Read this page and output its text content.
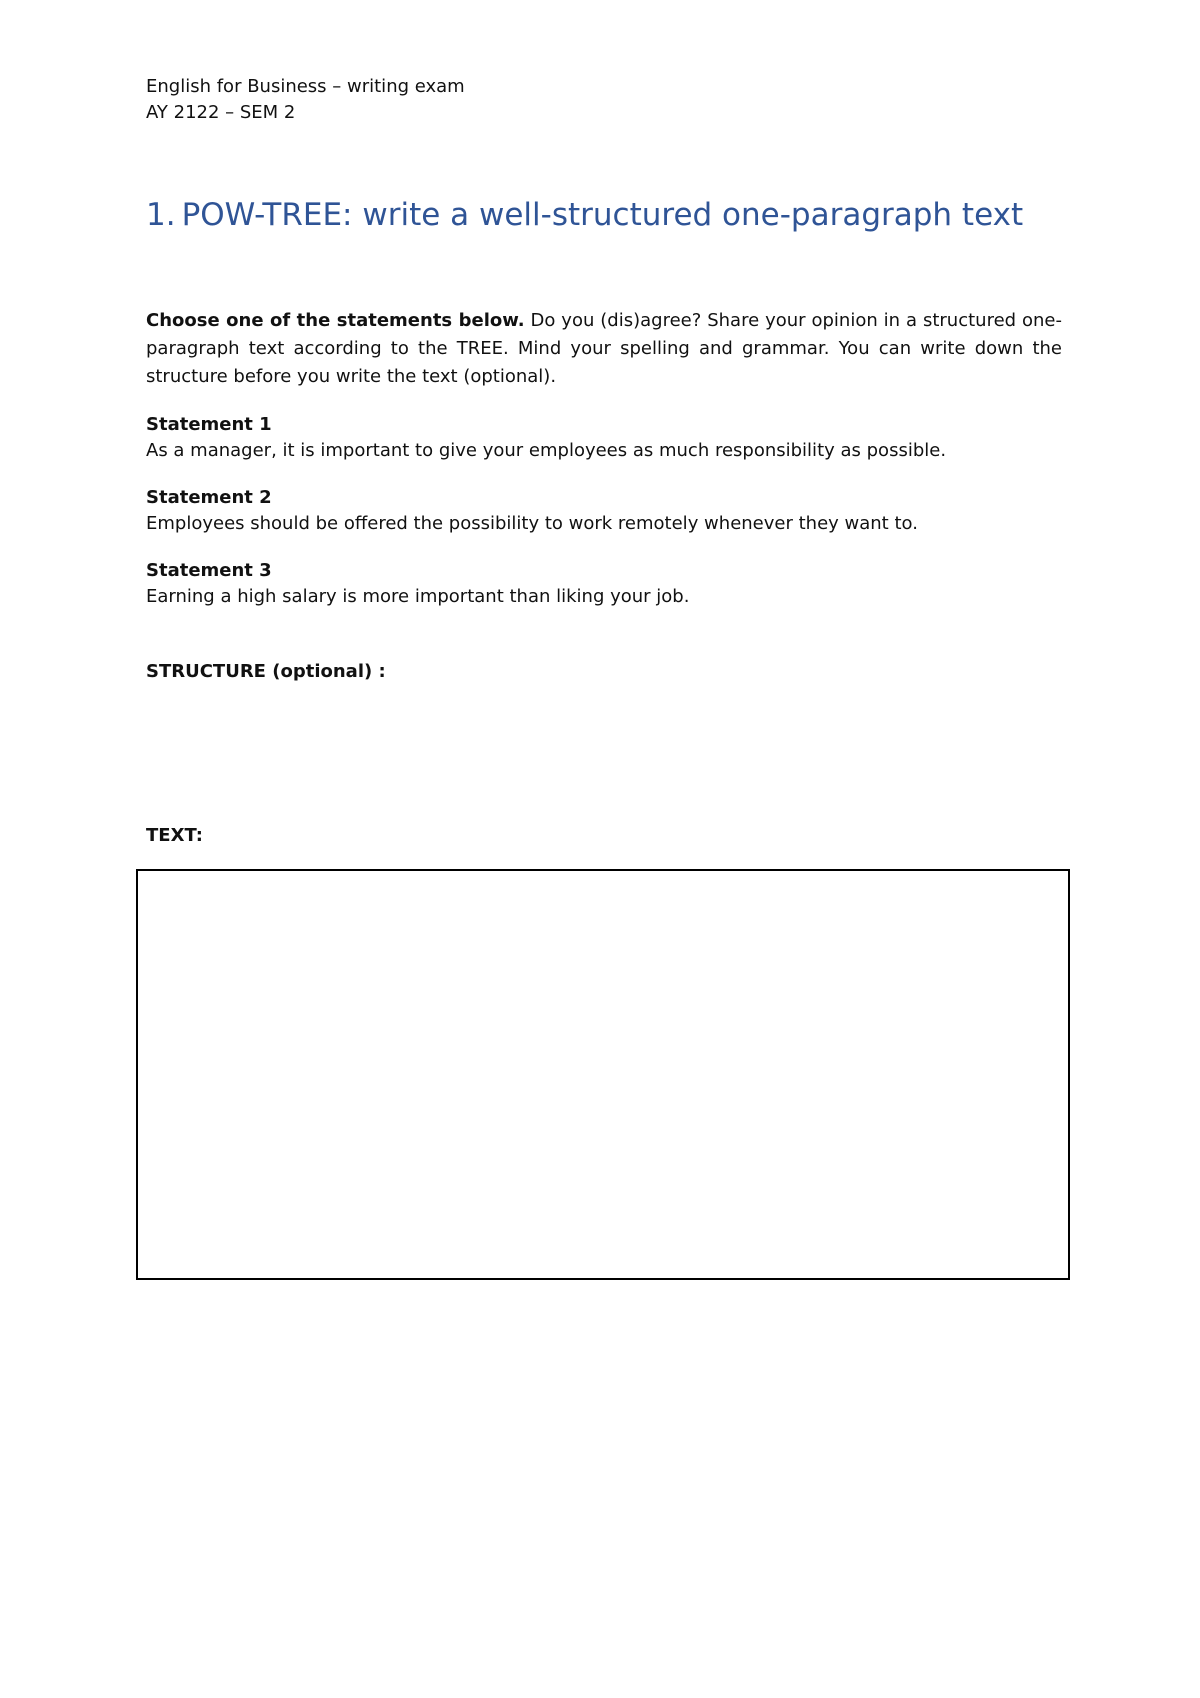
English for Business – writing exam
AY 2122 – SEM 2
1. POW-TREE: write a well-structured one-paragraph text

Choose one of the statements below. Do you (dis)agree? Share your opinion in a structured one-paragraph text according to the TREE. Mind your spelling and grammar. You can write down the structure before you write the text (optional).

Statement 1
As a manager, it is important to give your employees as much responsibility as possible.
Statement 2
Employees should be offered the possibility to work remotely whenever they want to.
Statement 3
Earning a high salary is more important than liking your job.
STRUCTURE (optional) :
TEXT:
